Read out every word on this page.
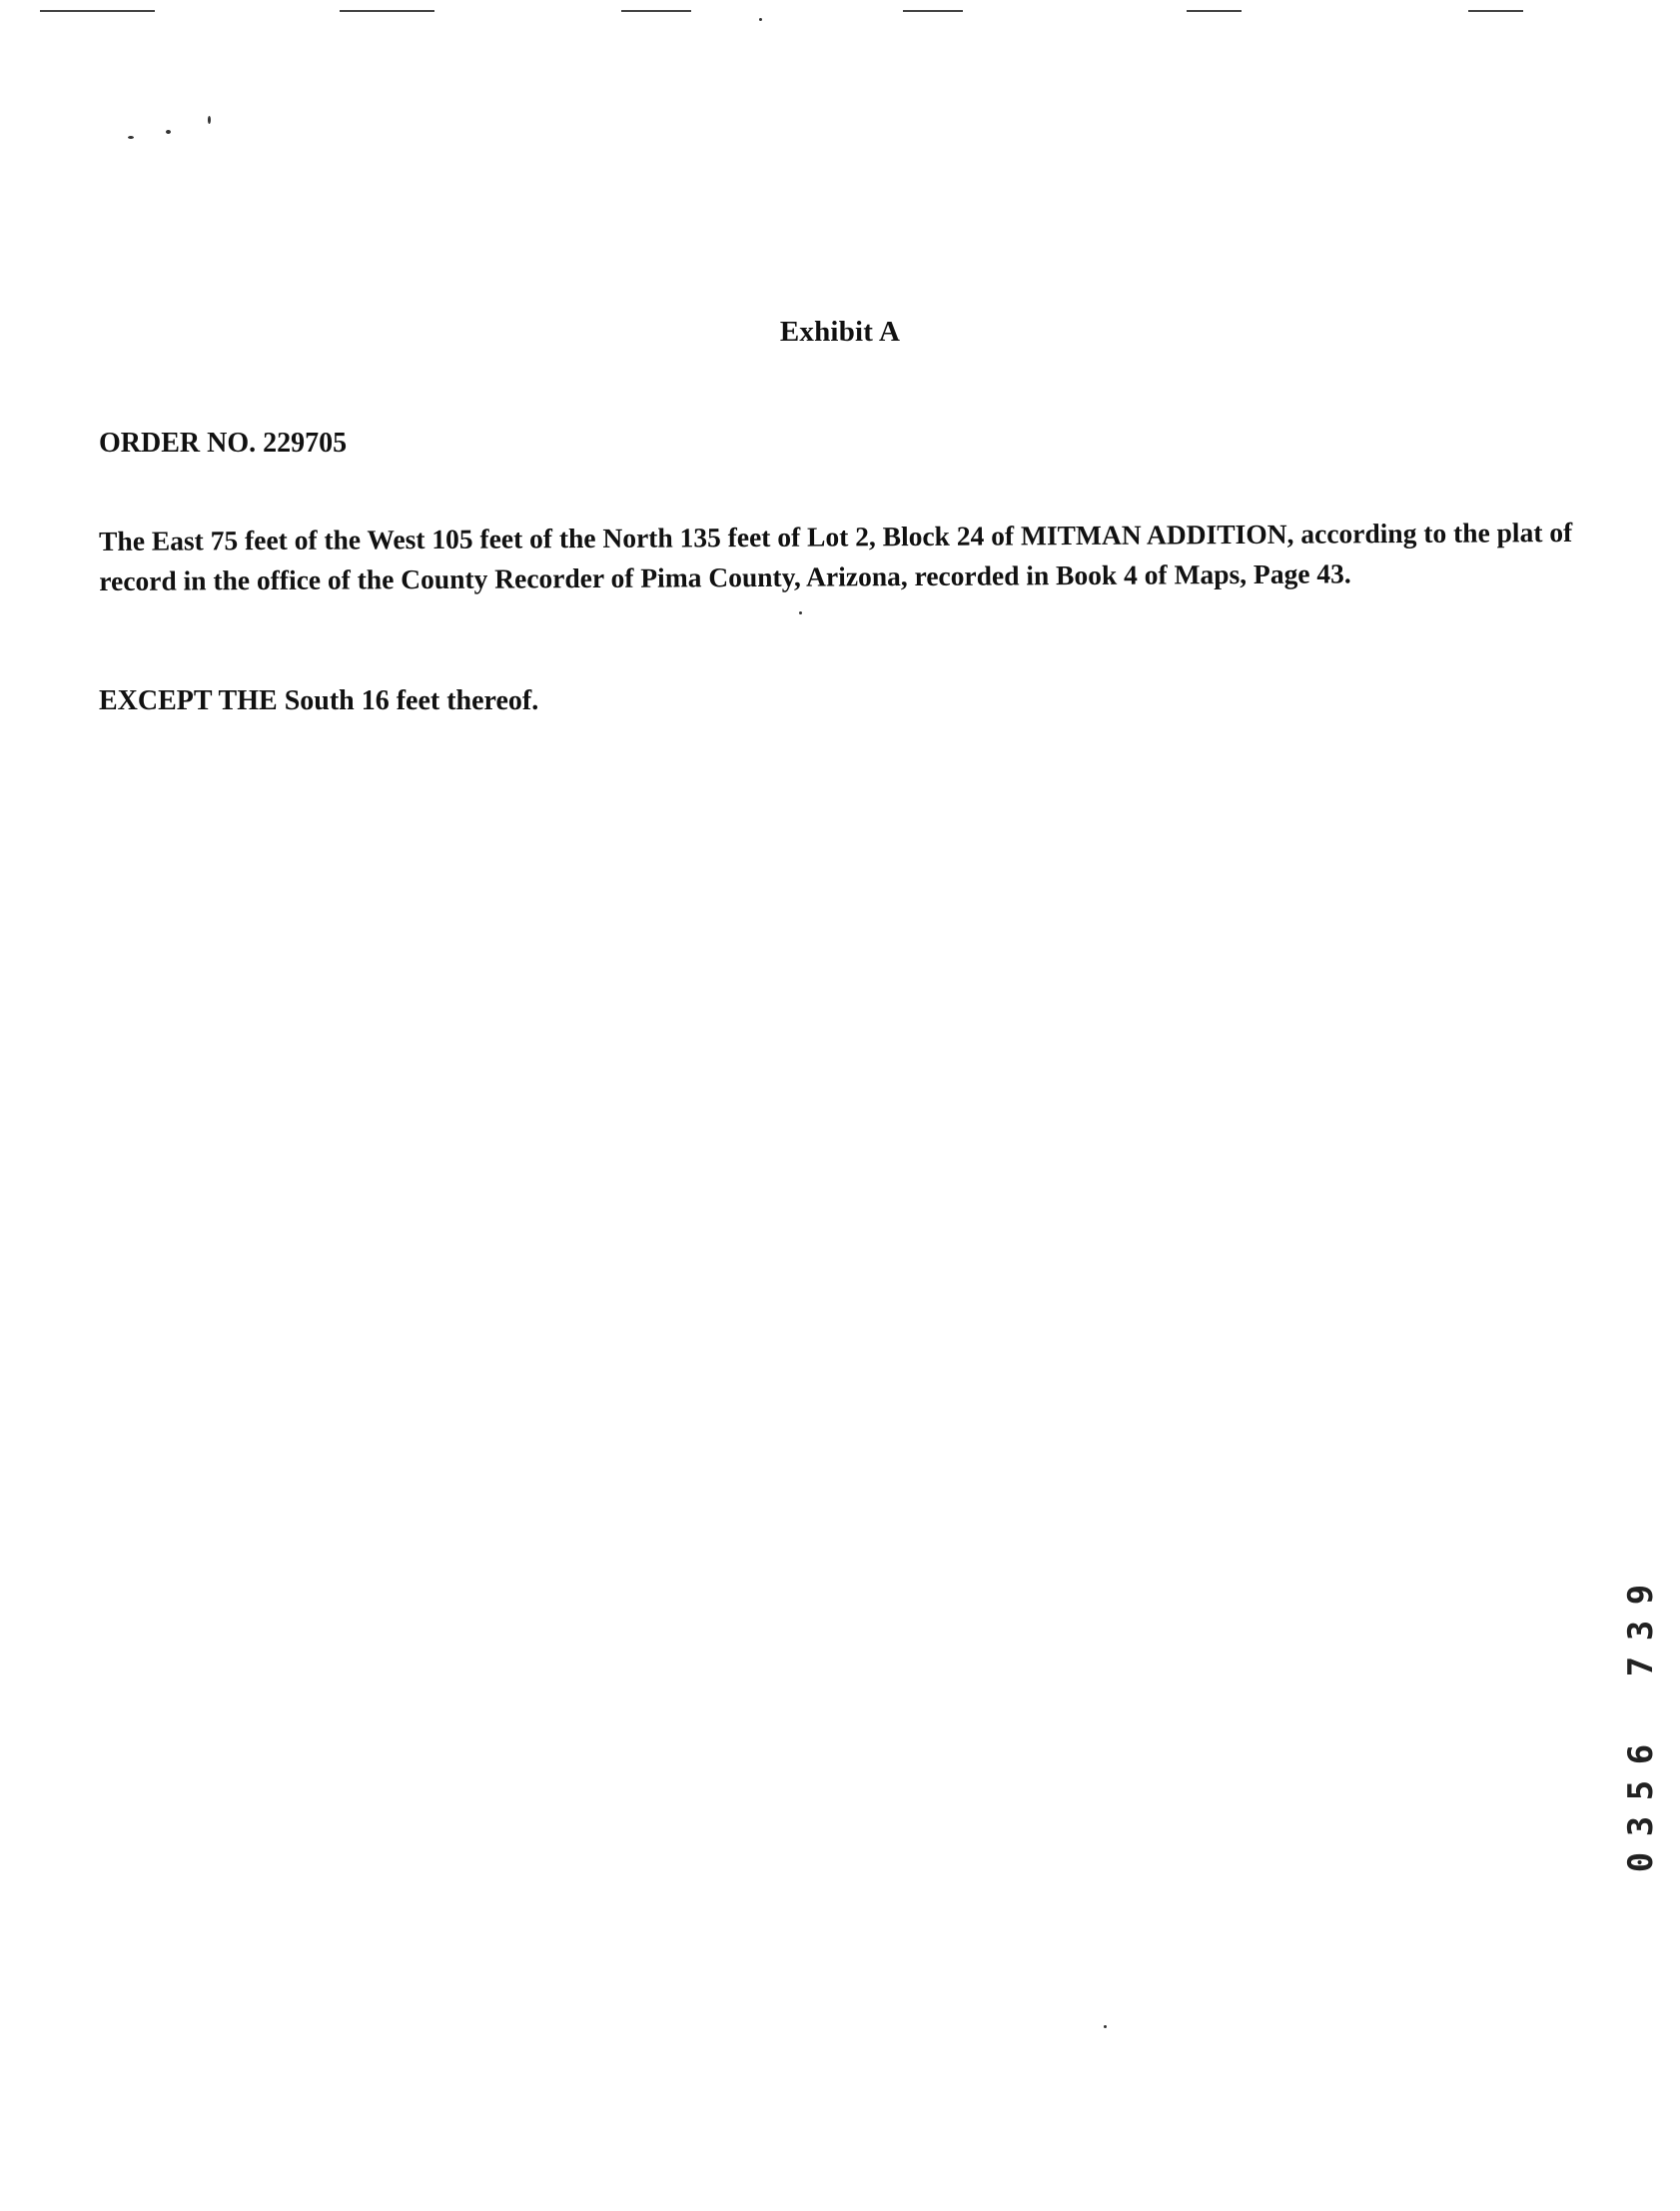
Exhibit A
ORDER NO. 229705
The East 75 feet of the West 105 feet of the North 135 feet of Lot 2, Block 24 of MITMAN ADDITION, according to the plat of record in the office of the County Recorder of Pima County, Arizona, recorded in Book 4 of Maps, Page 43.
EXCEPT THE South 16 feet thereof.
9
3
7
6
5
3
0
